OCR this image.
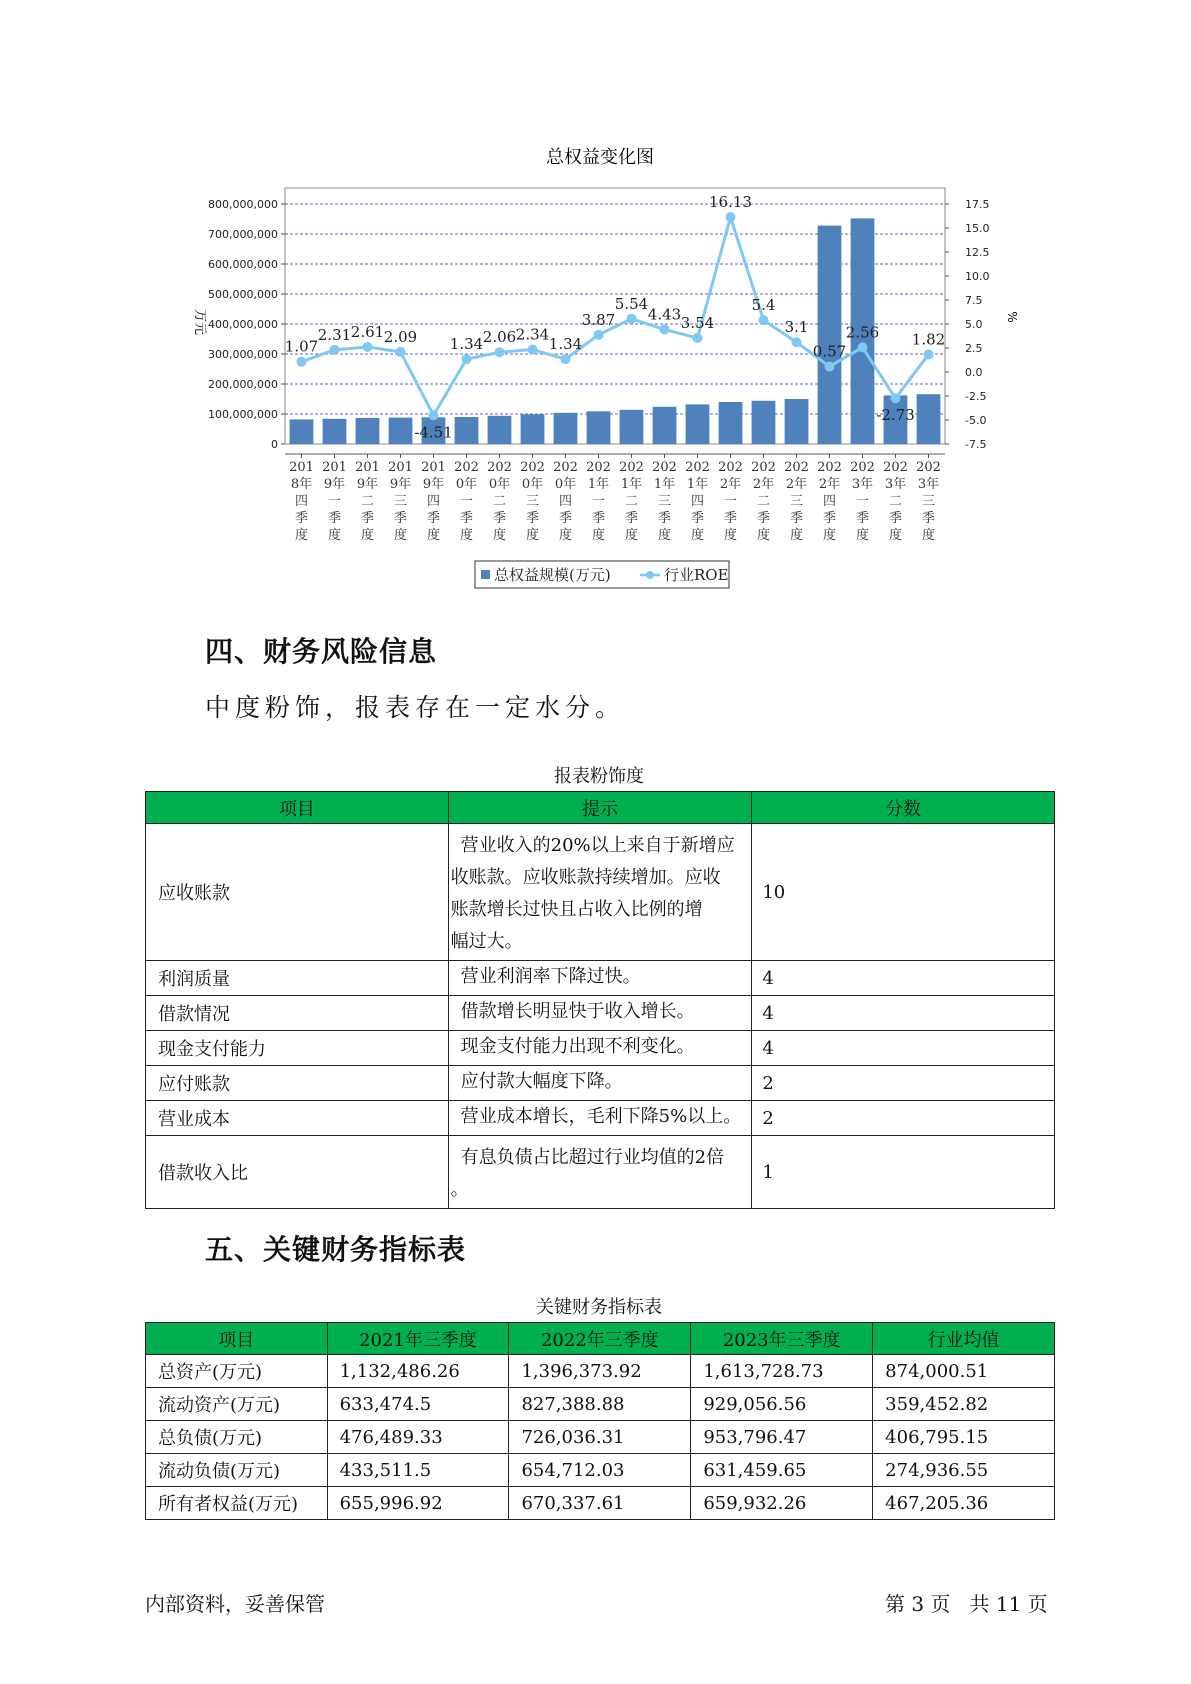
总权益变化图
万元	%
1.07
2.31 2.61 2.09
-4.51
1.34 2.06 2.34
1.34
3.87
5.54
4.43 3.54
16.13
5.4
3.1
0.57
2.56
-2.73
1.82
0
100,000,000
200,000,000
300,000,000
400,000,000
500,000,000
600,000,000
700,000,000
800,000,000
-7.5
-5.0
-2.5
0.0
2.5
5.0
7.5
10.0
12.5
15.0
17.5
201 8年四季度
201 9年一季度
201 9年二季度
201 9年三季度
201 9年四季度
202 0年一季度
202 0年二季度
202 0年三季度
202 0年四季度
202 1年一季度
202 1年二季度
202 1年三季度
202 1年四季度
202 2年一季度
202 2年二季度
202 2年三季度
202 2年四季度
202 3年一季度
202 3年二季度
202 3年三季度
总权益规模(万元)	行业ROE
四、财务风险信息
中度粉饰，报表存在一定水分。
报表粉饰度
项目	提示	分数
应收账款	营业收入的20%以上来自于新增应
收账款。应收账款持续增加。应收
账款增长过快且占收入比例的增
幅过大。	10
利润质量	营业利润率下降过快。	4
借款情况	借款增长明显快于收入增长。	4
现金支付能力	现金支付能力出现不利变化。	4
应付账款	应付款大幅度下降。	2
营业成本	营业成本增长，毛利下降5%以上。	2
借款收入比	有息负债占比超过行业均值的2倍
。	1
五、关键财务指标表
关键财务指标表
项目	2021年三季度	2022年三季度	2023年三季度	行业均值
总资产(万元)	1,132,486.26	1,396,373.92	1,613,728.73	874,000.51
流动资产(万元)	633,474.5	827,388.88	929,056.56	359,452.82
总负债(万元)	476,489.33	726,036.31	953,796.47	406,795.15
流动负债(万元)	433,511.5	654,712.03	631,459.65	274,936.55
所有者权益(万元)	655,996.92	670,337.61	659,932.26	467,205.36
内部资料，妥善保管	第 3 页   共 11 页
